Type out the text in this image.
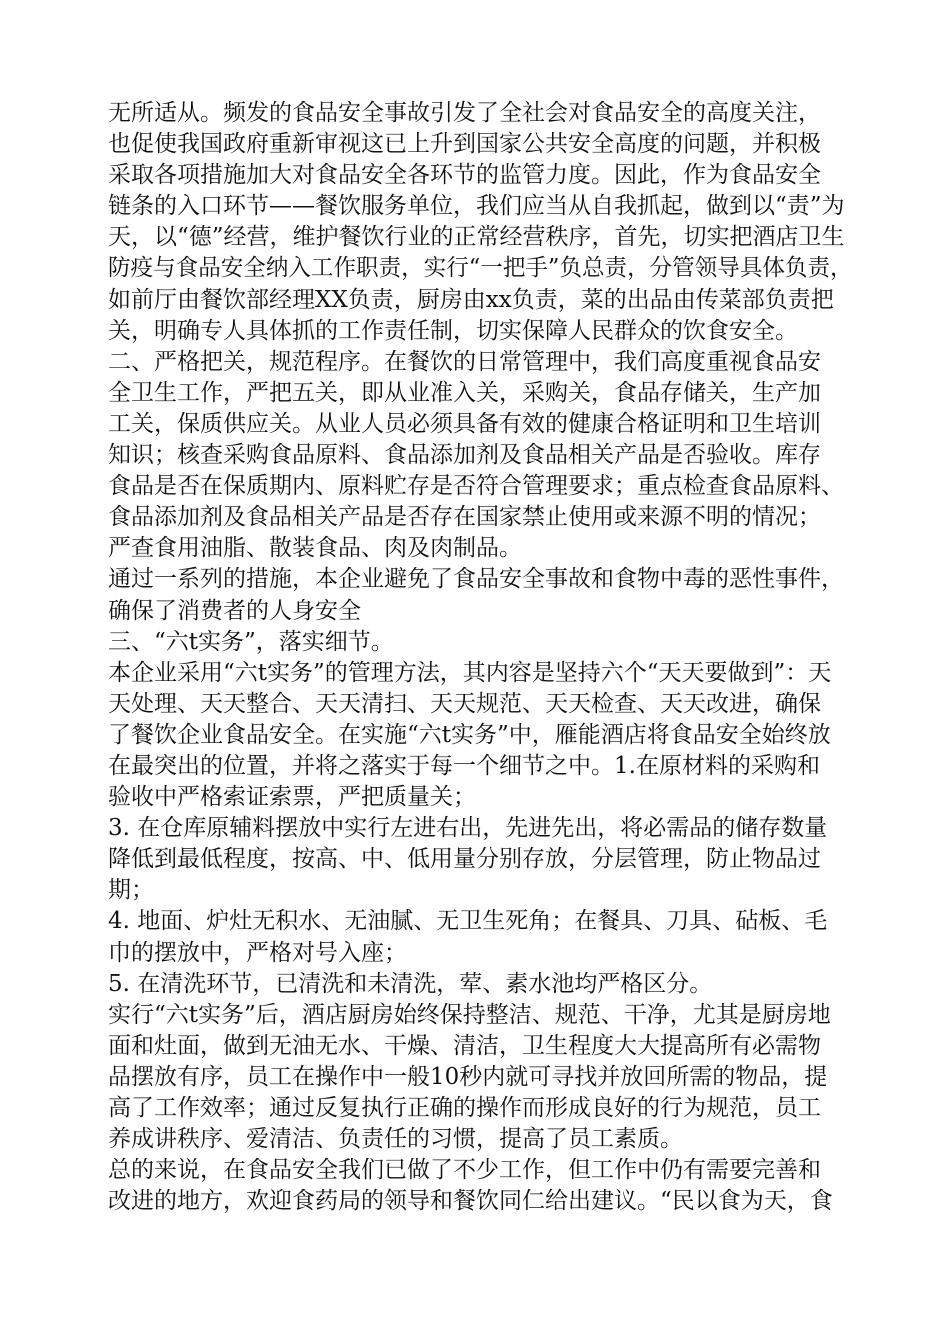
无所适从。频发的食品安全事故引发了全社会对食品安全的高度关注，
也促使我国政府重新审视这已上升到国家公共安全高度的问题，并积极
采取各项措施加大对食品安全各环节的监管力度。因此，作为食品安全
链条的入口环节——餐饮服务单位，我们应当从自我抓起，做到以“责”为
天，以“德”经营，维护餐饮行业的正常经营秩序，首先，切实把酒店卫生
防疫与食品安全纳入工作职责，实行“一把手”负总责，分管领导具体负责，
如前厅由餐饮部经理XX负责，厨房由xx负责，菜的出品由传菜部负责把
关，明确专人具体抓的工作责任制，切实保障人民群众的饮食安全。
二、严格把关，规范程序。在餐饮的日常管理中，我们高度重视食品安
全卫生工作，严把五关，即从业准入关，采购关，食品存储关，生产加
工关，保质供应关。从业人员必须具备有效的健康合格证明和卫生培训
知识；核查采购食品原料、食品添加剂及食品相关产品是否验收。库存
食品是否在保质期内、原料贮存是否符合管理要求；重点检查食品原料、
食品添加剂及食品相关产品是否存在国家禁止使用或来源不明的情况；
严查食用油脂、散装食品、肉及肉制品。
通过一系列的措施，本企业避免了食品安全事故和食物中毒的恶性事件，
确保了消费者的人身安全
三、“六t实务”，落实细节。
本企业采用“六t实务”的管理方法，其内容是坚持六个“天天要做到”：天
天处理、天天整合、天天清扫、天天规范、天天检查、天天改进，确保
了餐饮企业食品安全。在实施“六t实务”中，雁能酒店将食品安全始终放
在最突出的位置，并将之落实于每一个细节之中。1.在原材料的采购和
验收中严格索证索票，严把质量关；
3. 在仓库原辅料摆放中实行左进右出，先进先出，将必需品的储存数量
降低到最低程度，按高、中、低用量分别存放，分层管理，防止物品过
期；
4. 地面、炉灶无积水、无油腻、无卫生死角；在餐具、刀具、砧板、毛
巾的摆放中，严格对号入座；
5. 在清洗环节，已清洗和未清洗，荤、素水池均严格区分。
实行“六t实务”后，酒店厨房始终保持整洁、规范、干净，尤其是厨房地
面和灶面，做到无油无水、干燥、清洁，卫生程度大大提高所有必需物
品摆放有序，员工在操作中一般10秒内就可寻找并放回所需的物品，提
高了工作效率；通过反复执行正确的操作而形成良好的行为规范，员工
养成讲秩序、爱清洁、负责任的习惯，提高了员工素质。
总的来说，在食品安全我们已做了不少工作，但工作中仍有需要完善和
改进的地方，欢迎食药局的领导和餐饮同仁给出建议。“民以食为天，食
